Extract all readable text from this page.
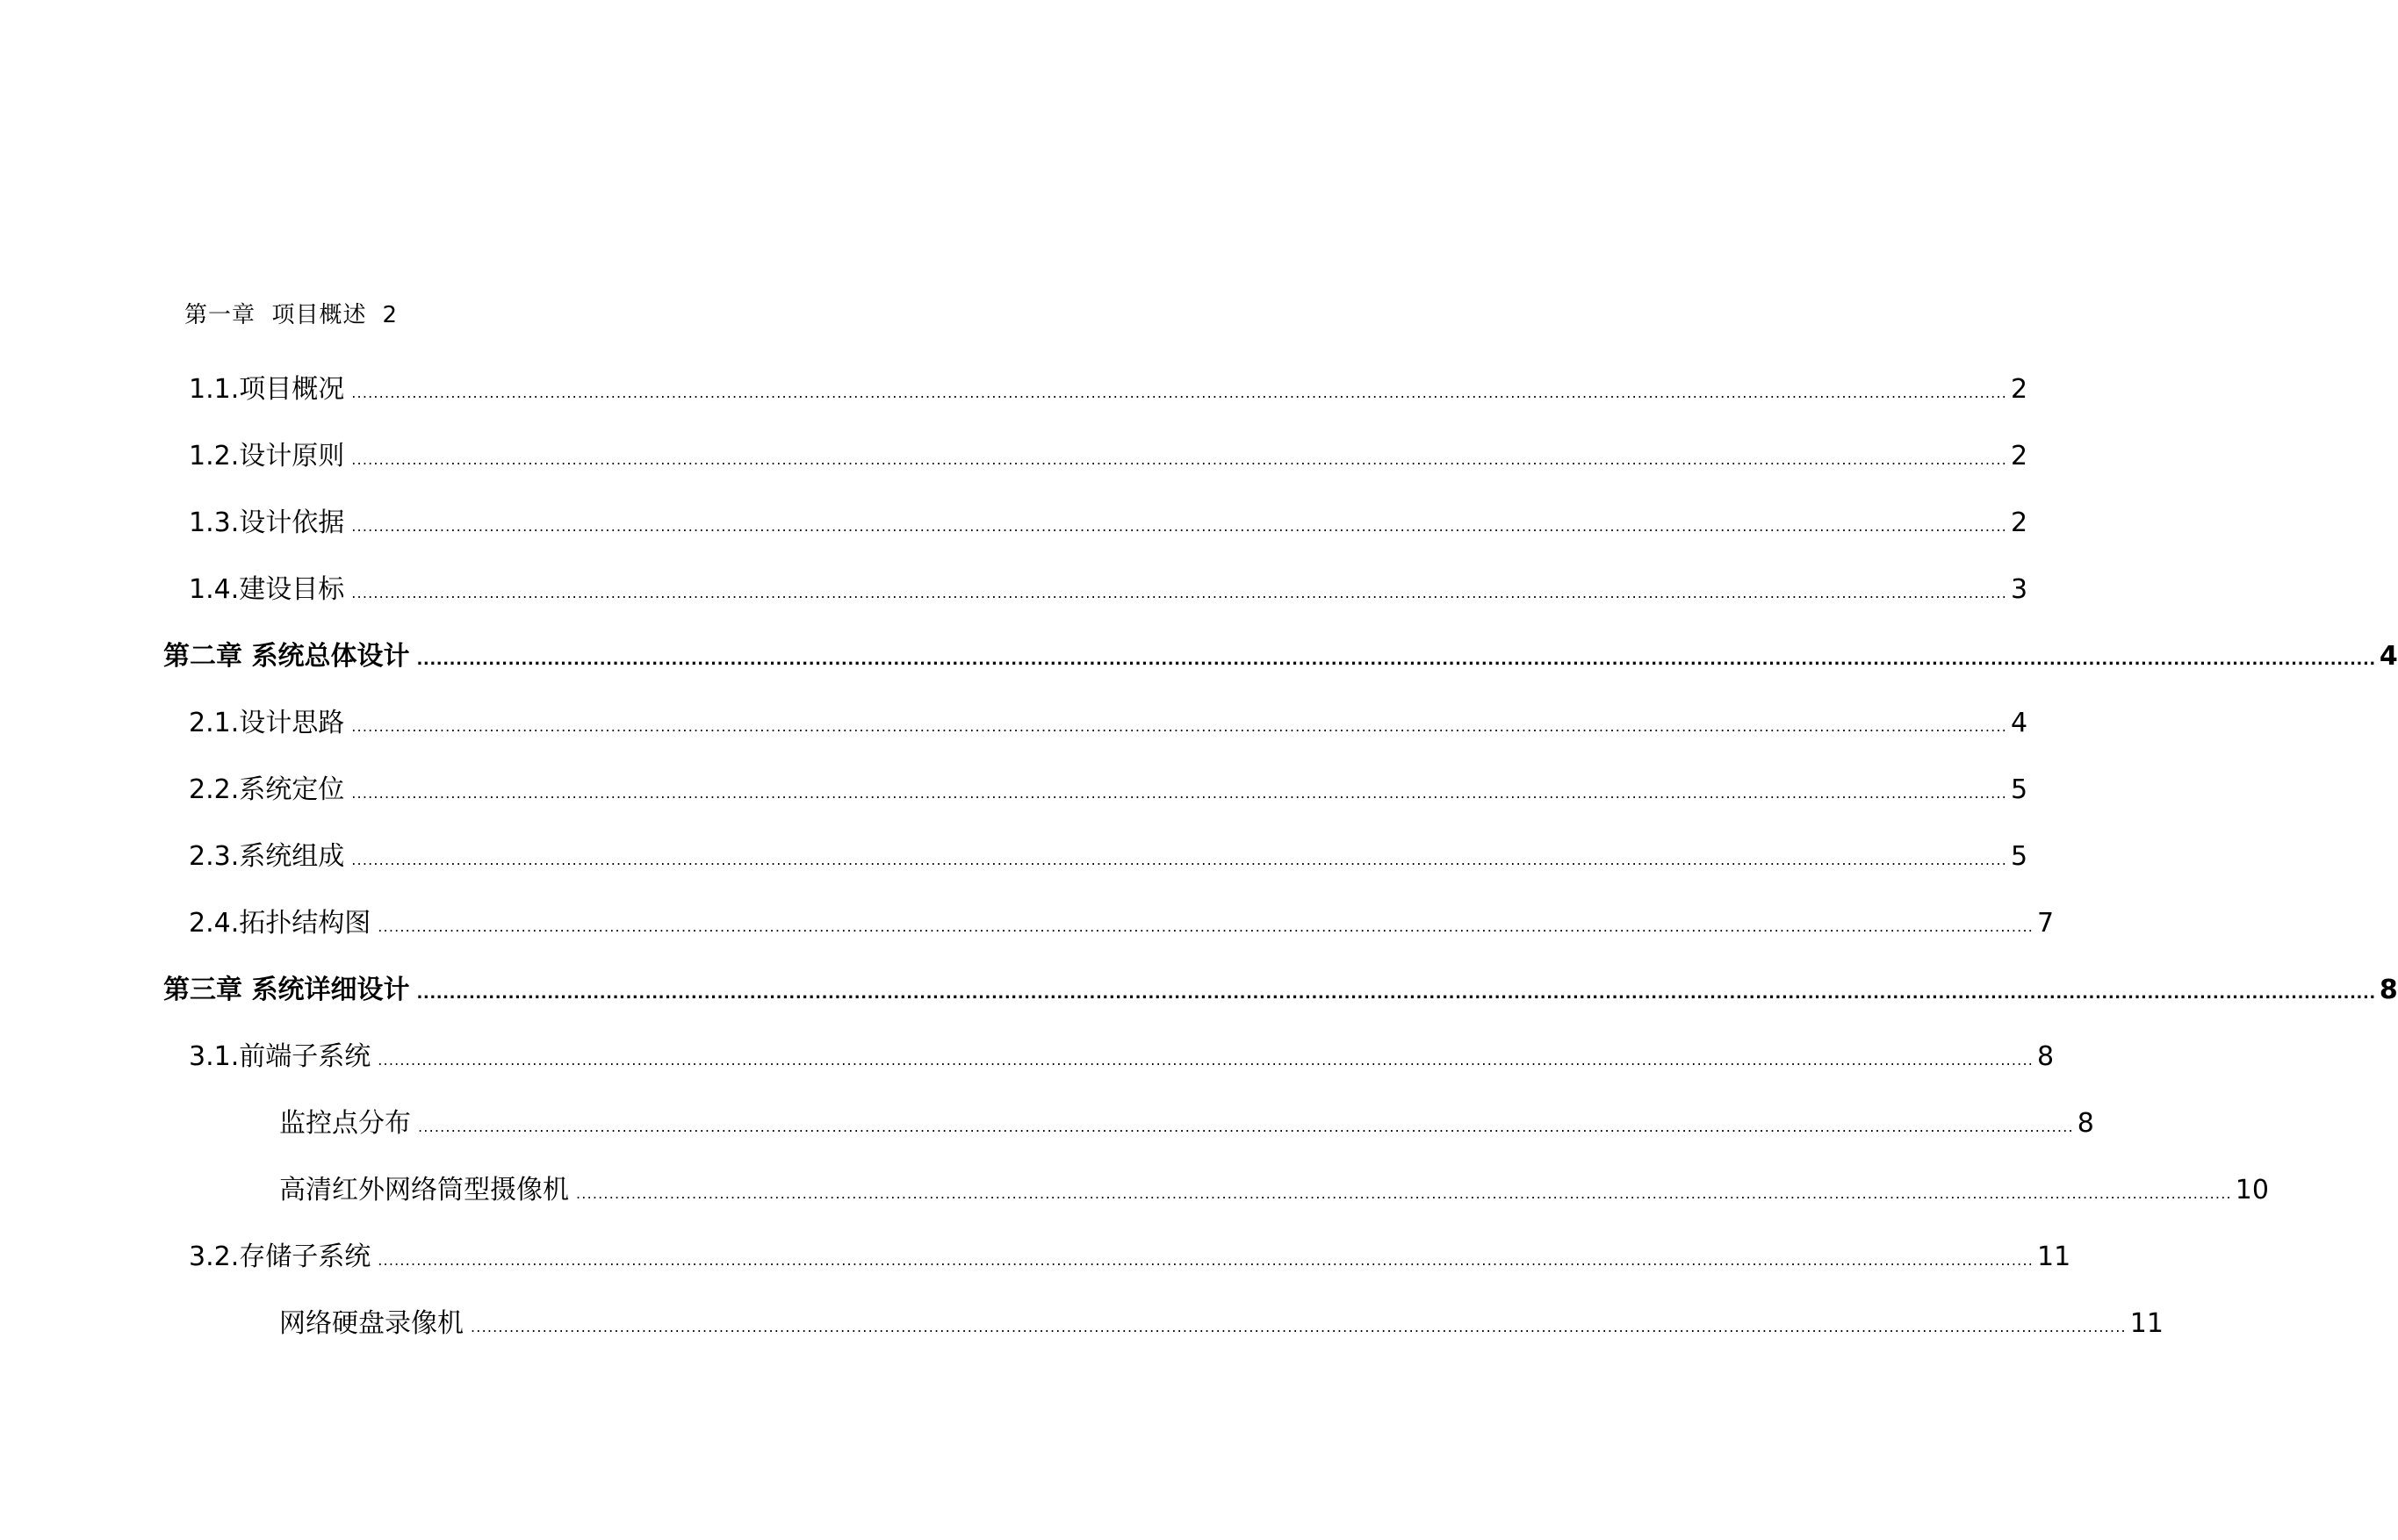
第一章  项目概述 2
1.1.项目概况 ............................................................................................................................................................................................................................................................................................................ 2
1.2.设计原则 ............................................................................................................................................................................................................................................................................................................ 2
1.3.设计依据 ............................................................................................................................................................................................................................................................................................................ 2
1.4.建设目标 ............................................................................................................................................................................................................................................................................................................ 3
第二章 系统总体设计 ............................................................................................................................................................................................................................................................................................................ 4
2.1.设计思路 ............................................................................................................................................................................................................................................................................................................ 4
2.2.系统定位 ............................................................................................................................................................................................................................................................................................................ 5
2.3.系统组成 ............................................................................................................................................................................................................................................................................................................ 5
2.4.拓扑结构图 ............................................................................................................................................................................................................................................................................................................ 7
第三章 系统详细设计 ............................................................................................................................................................................................................................................................................................................ 8
3.1.前端子系统 ............................................................................................................................................................................................................................................................................................................ 8
监控点分布 ............................................................................................................................................................................................................................................................................................................ 8
高清红外网络筒型摄像机 ............................................................................................................................................................................................................................................................................................................ 10
3.2.存储子系统 ............................................................................................................................................................................................................................................................................................................ 11
网络硬盘录像机 ............................................................................................................................................................................................................................................................................................................ 11
